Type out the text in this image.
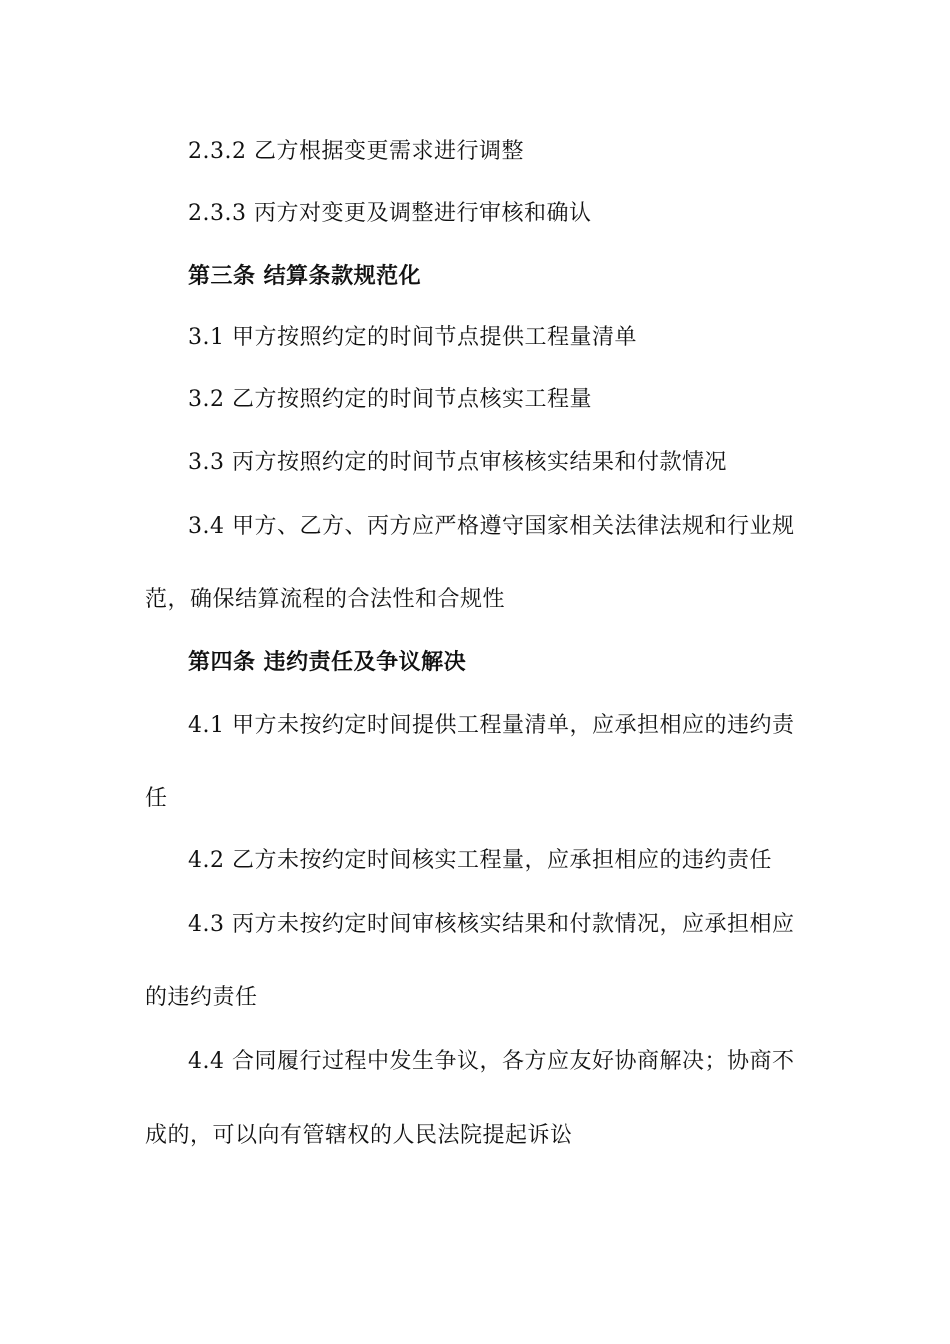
2.3.2 乙方根据变更需求进行调整
2.3.3 丙方对变更及调整进行审核和确认
第三条 结算条款规范化
3.1 甲方按照约定的时间节点提供工程量清单
3.2 乙方按照约定的时间节点核实工程量
3.3 丙方按照约定的时间节点审核核实结果和付款情况
3.4 甲方、乙方、丙方应严格遵守国家相关法律法规和行业规
范，确保结算流程的合法性和合规性
第四条 违约责任及争议解决
4.1 甲方未按约定时间提供工程量清单，应承担相应的违约责
任
4.2 乙方未按约定时间核实工程量，应承担相应的违约责任
4.3 丙方未按约定时间审核核实结果和付款情况，应承担相应
的违约责任
4.4 合同履行过程中发生争议，各方应友好协商解决；协商不
成的，可以向有管辖权的人民法院提起诉讼
